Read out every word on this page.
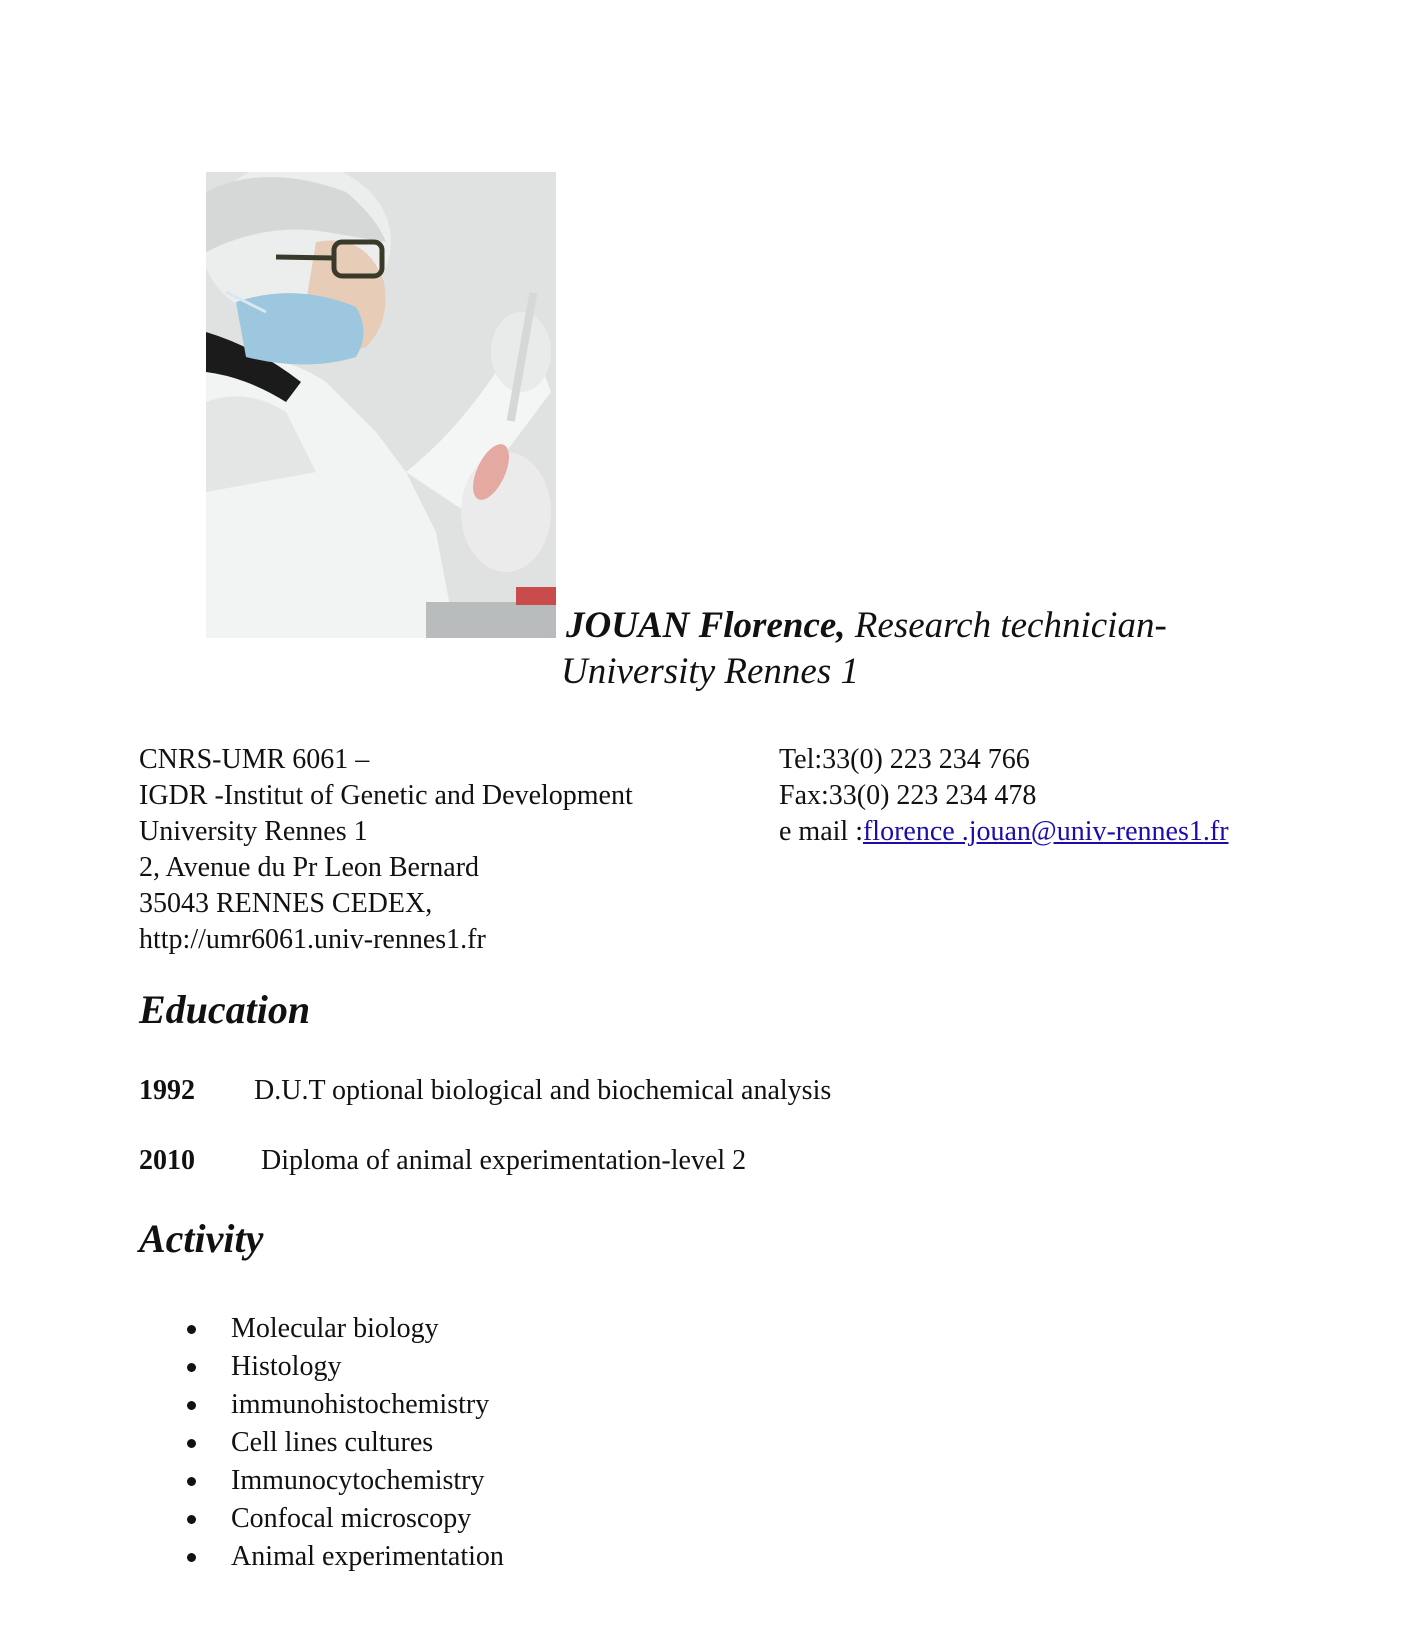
JOUAN Florence, Research technician-
University Rennes 1
CNRS-UMR 6061 –
IGDR -Institut of Genetic and Development
University Rennes 1
2, Avenue du Pr Leon Bernard
35043 RENNES CEDEX,
http://umr6061.univ-rennes1.fr
Tel:33(0) 223 234 766
Fax:33(0) 223 234 478
e mail :florence .jouan@univ-rennes1.fr
Education
1992 D.U.T optional biological and biochemical analysis
2010 Diploma of animal experimentation-level 2
Activity
Molecular biology
Histology
immunohistochemistry
Cell lines cultures
Immunocytochemistry
Confocal microscopy
Animal experimentation
